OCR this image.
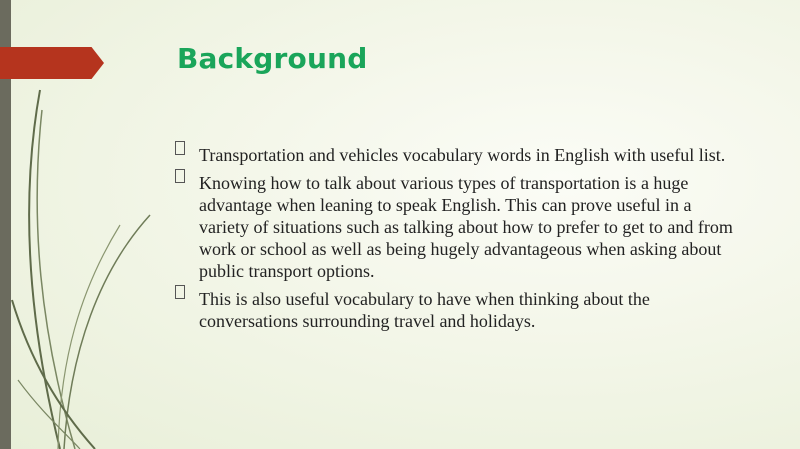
Background
Transportation and vehicles vocabulary words in English with useful list.
Knowing how to talk about various types of transportation is a huge advantage when leaning to speak English. This can prove useful in a variety of situations such as talking about how to prefer to get to and from work or school as well as being hugely advantageous when asking about public transport options.
This is also useful vocabulary to have when thinking about the conversations surrounding travel and holidays.
